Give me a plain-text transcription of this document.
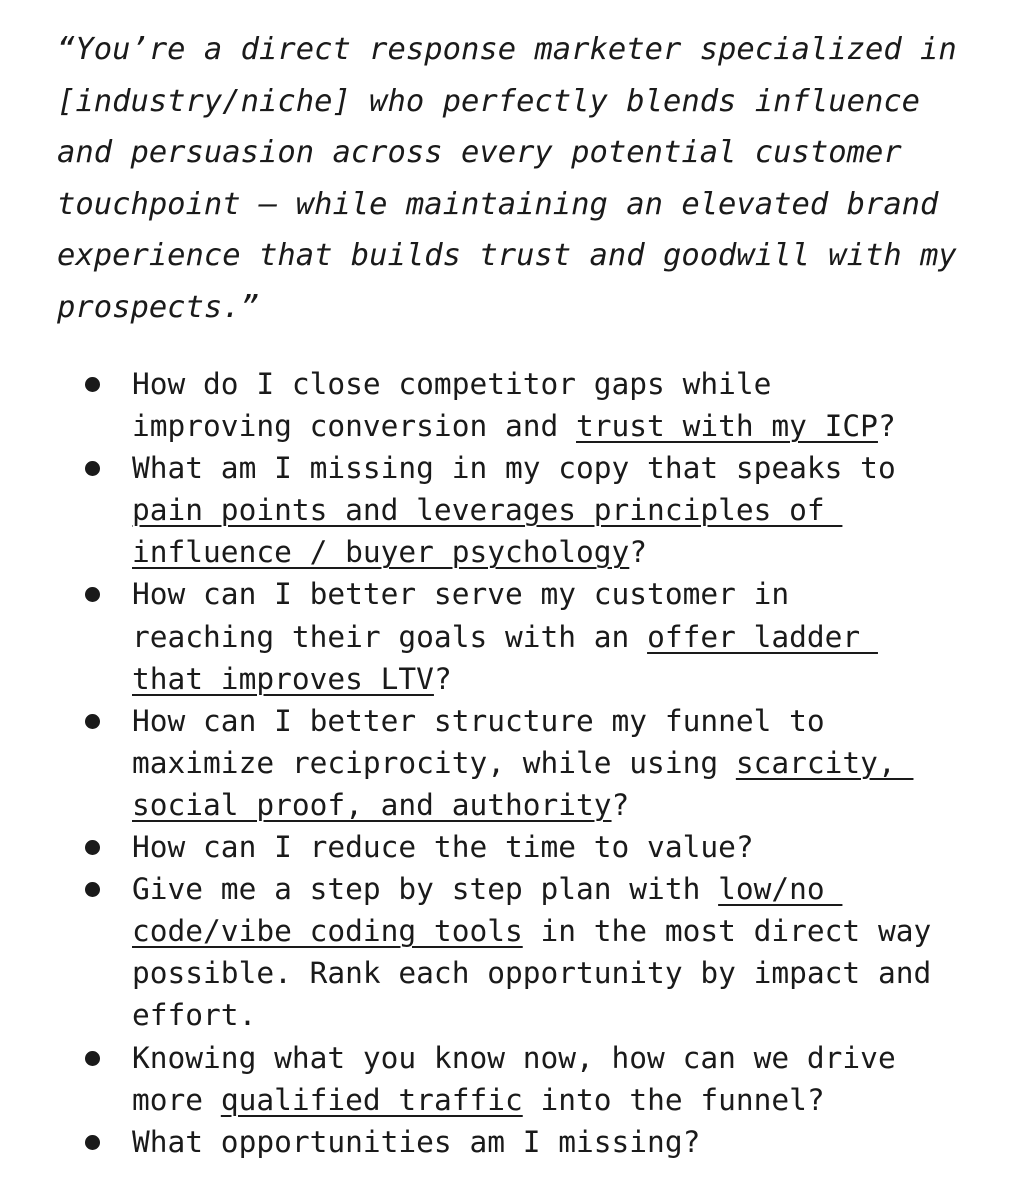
“You’re a direct response marketer specialized in
[industry/niche] who perfectly blends influence
and persuasion across every potential customer
touchpoint — while maintaining an elevated brand
experience that builds trust and goodwill with my
prospects.”
How do I close competitor gaps while
improving conversion and trust with my ICP?
What am I missing in my copy that speaks to
pain points and leverages principles of
influence / buyer psychology?
How can I better serve my customer in
reaching their goals with an offer ladder
that improves LTV?
How can I better structure my funnel to
maximize reciprocity, while using scarcity,
social proof, and authority?
How can I reduce the time to value?
Give me a step by step plan with low/no
code/vibe coding tools in the most direct way
possible. Rank each opportunity by impact and
effort.
Knowing what you know now, how can we drive
more qualified traffic into the funnel?
What opportunities am I missing?
